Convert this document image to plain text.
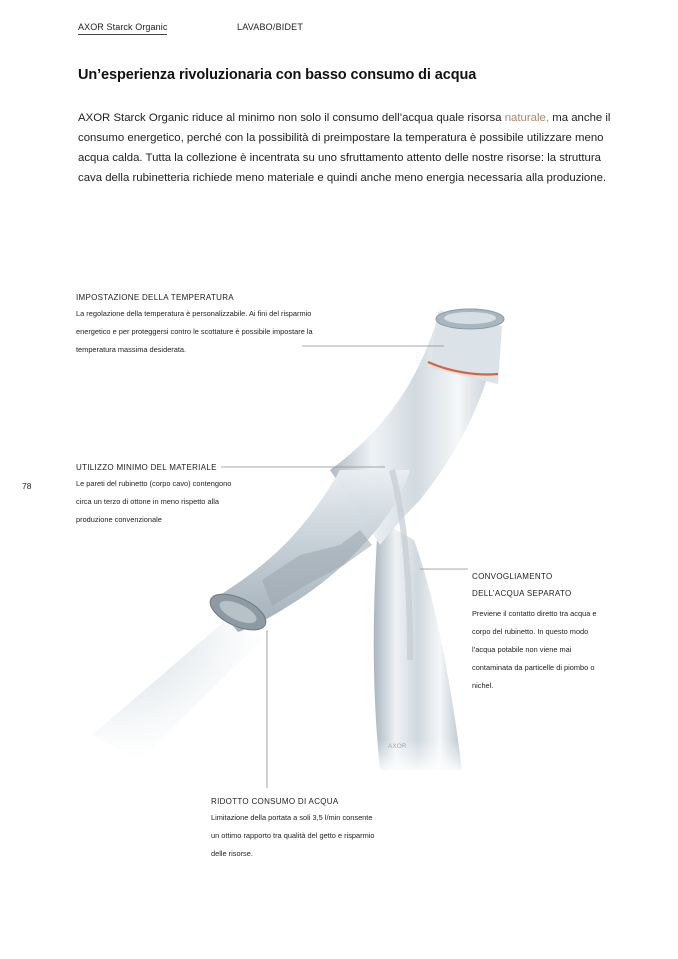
AXOR Starck Organic	LAVABO/BIDET
Un’esperienza rivoluzionaria con basso consumo di acqua
AXOR Starck Organic riduce al minimo non solo il consumo dell’acqua quale risorsa naturale, ma anche il consumo energetico, perché con la possibilità di preimpostare la temperatura è possibile utilizzare meno acqua calda. Tutta la collezione è incentrata su uno sfruttamento attento delle nostre risorse: la struttura cava della rubinetteria richiede meno materiale e quindi anche meno energia necessaria alla produzione.
78
IMPOSTAZIONE DELLA TEMPERATURA
La regolazione della temperatura è personalizzabile. Ai fini del risparmio energetico e per proteggersi contro le scottature è possibile impostare la temperatura massima desiderata.
UTILIZZO MINIMO DEL MATERIALE
Le pareti del rubinetto (corpo cavo) contengono circa un terzo di ottone in meno rispetto alla produzione convenzionale
CONVOGLIAMENTO DELL’ACQUA SEPARATO
Previene il contatto diretto tra acqua e corpo del rubinetto. In questo modo l’acqua potabile non viene mai contaminata da particelle di piombo o nichel.
RIDOTTO CONSUMO DI ACQUA
Limitazione della portata a soli 3,5 l/min consente un ottimo rapporto tra qualità del getto e risparmio delle risorse.
